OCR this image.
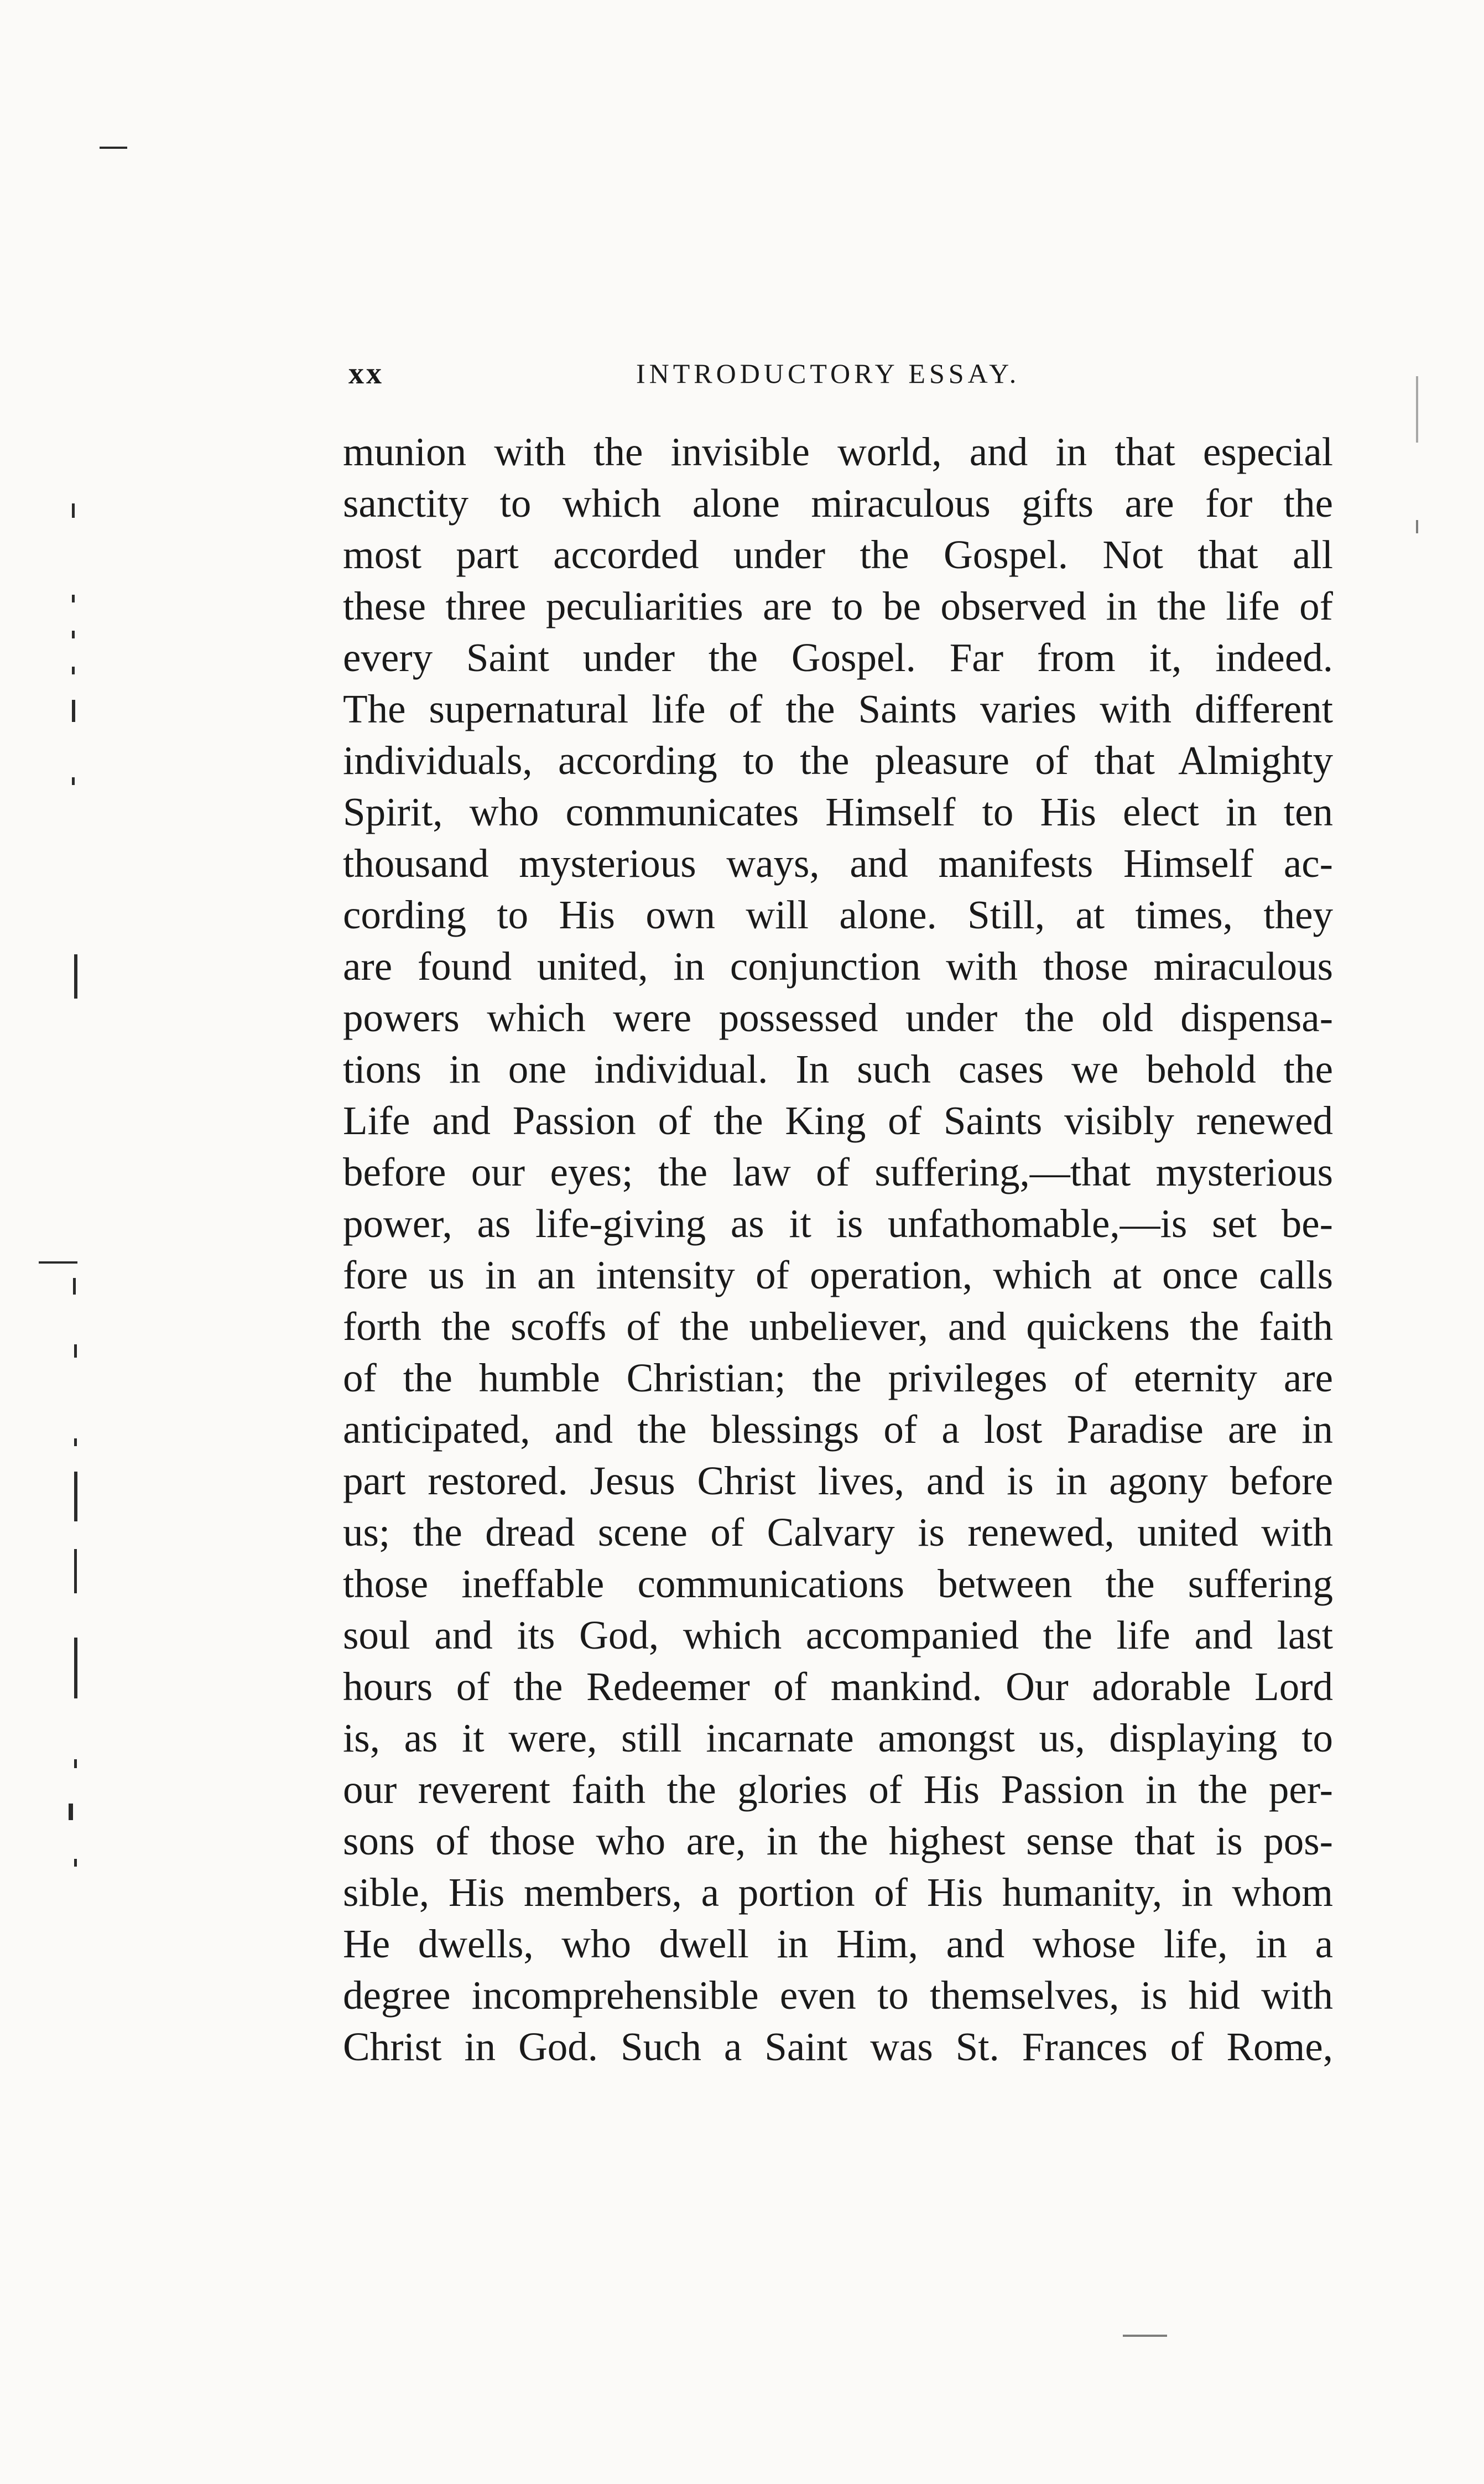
xx	INTRODUCTORY ESSAY.
munion with the invisible world, and in that especial
sanctity to which alone miraculous gifts are for the
most part accorded under the Gospel. Not that all
these three peculiarities are to be observed in the life of
every Saint under the Gospel. Far from it, indeed.
The supernatural life of the Saints varies with different
individuals, according to the pleasure of that Almighty
Spirit, who communicates Himself to His elect in ten
thousand mysterious ways, and manifests Himself ac-
cording to His own will alone. Still, at times, they
are found united, in conjunction with those miraculous
powers which were possessed under the old dispensa-
tions in one individual. In such cases we behold the
Life and Passion of the King of Saints visibly renewed
before our eyes; the law of suffering,—that mysterious
power, as life-giving as it is unfathomable,—is set be-
fore us in an intensity of operation, which at once calls
forth the scoffs of the unbeliever, and quickens the faith
of the humble Christian; the privileges of eternity are
anticipated, and the blessings of a lost Paradise are in
part restored. Jesus Christ lives, and is in agony before
us; the dread scene of Calvary is renewed, united with
those ineffable communications between the suffering
soul and its God, which accompanied the life and last
hours of the Redeemer of mankind. Our adorable Lord
is, as it were, still incarnate amongst us, displaying to
our reverent faith the glories of His Passion in the per-
sons of those who are, in the highest sense that is pos-
sible, His members, a portion of His humanity, in whom
He dwells, who dwell in Him, and whose life, in a
degree incomprehensible even to themselves, is hid with
Christ in God. Such a Saint was St. Frances of Rome,
